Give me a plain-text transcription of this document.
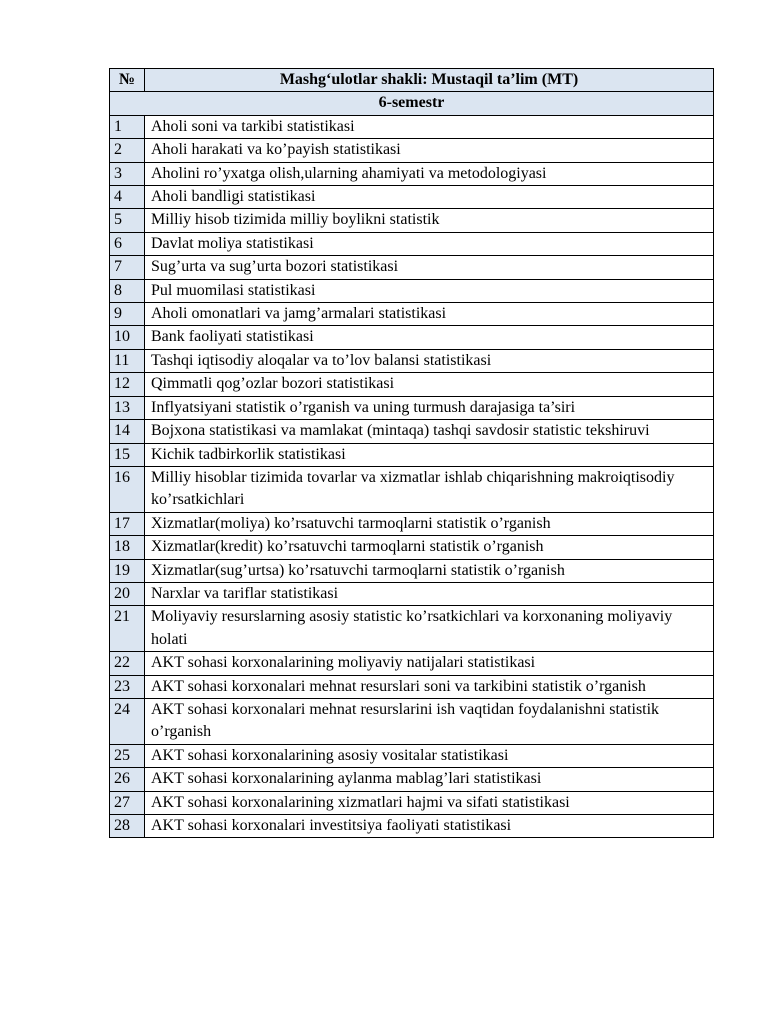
№	Mashg‘ulotlar shakli: Mustaqil ta’lim (MT)
6-semestr	
1	Aholi soni va tarkibi statistikasi
2	Aholi harakati va ko’payish statistikasi
3	Aholini ro’yxatga olish,ularning ahamiyati va metodologiyasi
4	Aholi bandligi statistikasi
5	Milliy hisob tizimida milliy boylikni statistik
6	Davlat moliya statistikasi
7	Sug’urta va sug’urta bozori statistikasi
8	Pul muomilasi statistikasi
9	Aholi omonatlari va jamg’armalari statistikasi
10	Bank faoliyati statistikasi
11	Tashqi iqtisodiy aloqalar va to’lov balansi statistikasi
12	Qimmatli qog’ozlar bozori statistikasi
13	Inflyatsiyani statistik o’rganish va uning turmush darajasiga ta’siri
14	Bojxona statistikasi va mamlakat (mintaqa) tashqi savdosir statistic tekshiruvi
15	Kichik tadbirkorlik statistikasi
16	Milliy hisoblar tizimida tovarlar va xizmatlar ishlab chiqarishning makroiqtisodiy ko’rsatkichlari
17	Xizmatlar(moliya) ko’rsatuvchi tarmoqlarni statistik o’rganish
18	Xizmatlar(kredit) ko’rsatuvchi tarmoqlarni statistik o’rganish
19	Xizmatlar(sug’urtsa) ko’rsatuvchi tarmoqlarni statistik o’rganish
20	Narxlar va tariflar statistikasi
21	Moliyaviy resurslarning asosiy statistic ko’rsatkichlari va korxonaning moliyaviy holati
22	AKT sohasi korxonalarining moliyaviy natijalari statistikasi
23	AKT sohasi korxonalari mehnat resurslari soni va tarkibini statistik o’rganish
24	AKT sohasi korxonalari mehnat resurslarini ish vaqtidan foydalanishni statistik o’rganish
25	AKT sohasi korxonalarining asosiy vositalar statistikasi
26	AKT sohasi korxonalarining aylanma mablag’lari statistikasi
27	AKT sohasi korxonalarining xizmatlari hajmi va sifati statistikasi
28	AKT sohasi korxonalari investitsiya faoliyati statistikasi
